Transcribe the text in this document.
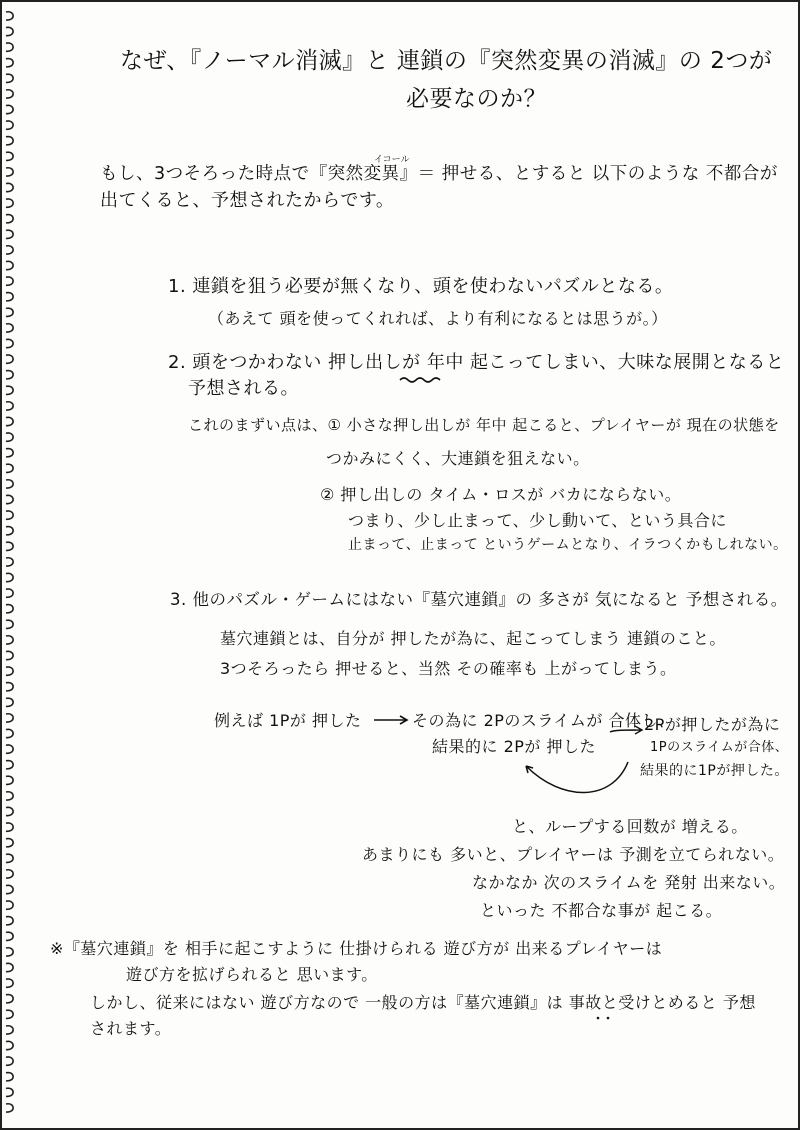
なぜ、『ノーマル消滅』と 連鎖の『突然変異の消滅』の 2つが
必要なのか？
イコール
もし、3つそろった時点で『突然変異』＝ 押せる、とすると 以下のような 不都合が
出てくると、予想されたからです。
1. 連鎖を狙う必要が無くなり、頭を使わないパズルとなる。
（あえて 頭を使ってくれれば、より有利になるとは思うが。）
2. 頭をつかわない 押し出しが 年中 起こってしまい、大味な展開となると
予想される。
これのまずい点は、① 小さな押し出しが 年中 起こると、プレイヤーが 現在の状態を
つかみにくく、大連鎖を狙えない。
② 押し出しの タイム・ロスが バカにならない。
つまり、少し止まって、少し動いて、という具合に
止まって、止まって というゲームとなり、イラつくかもしれない。
3. 他のパズル・ゲームにはない『墓穴連鎖』の 多さが 気になると 予想される。
墓穴連鎖とは、自分が 押したが為に、起こってしまう 連鎖のこと。
3つそろったら 押せると、当然 その確率も 上がってしまう。
例えば 1Pが 押した	その為に 2Pのスライムが 合体し、
結果的に 2Pが 押した
2Pが押したが為に
1Pのスライムが合体、
結果的に1Pが押した。
と、ループする回数が 増える。
あまりにも 多いと、プレイヤーは 予測を立てられない。
なかなか 次のスライムを 発射 出来ない。
といった 不都合な事が 起こる。
※『墓穴連鎖』を 相手に起こすように 仕掛けられる 遊び方が 出来るプレイヤーは
遊び方を拡げられると 思います。
しかし、従来にはない 遊び方なので 一般の方は『墓穴連鎖』は 事故と受けとめると 予想
されます。
